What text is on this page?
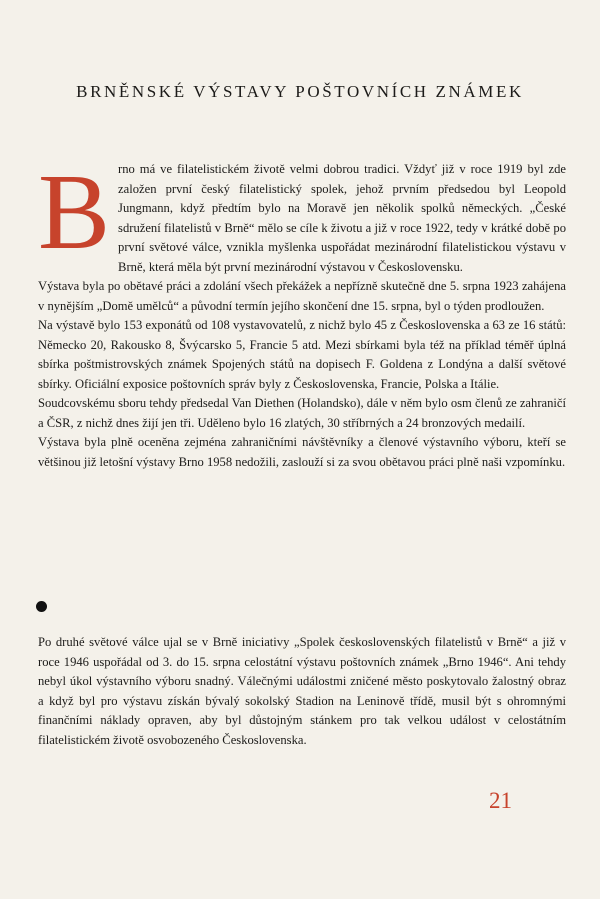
BRNĚNSKÉ VÝSTAVY POŠTOVNÍCH ZNÁMEK
B rno má ve filatelistickém životě velmi dobrou tradici. Vždyť již v roce 1919 byl zde založen první český filatelistický spolek, jehož prvním předsedou byl Leopold Jungmann, když předtím bylo na Moravě jen několik spolků německých. „České sdružení filatelistů v Brně“ mělo se cíle k životu a již v roce 1922, tedy v krátké době po první světové válce, vznikla myšlenka uspořádat mezinárodní filatelistickou výstavu v Brně, která měla být první mezinárodní výstavou v Československu.

Výstava byla po obětavé práci a zdolání všech překážek a nepřízně skutečně dne 5. srpna 1923 zahájena v nynějším „Domě umělců“ a původní termín jejího skončení dne 15. srpna, byl o týden prodloužen.

Na výstavě bylo 153 exponátů od 108 vystavovatelů, z nichž bylo 45 z Československa a 63 ze 16 států: Německo 20, Rakousko 8, Švýcarsko 5, Francie 5 atd. Mezi sbírkami byla též na příklad téměř úplná sbírka poštmistrovských známek Spojených států na dopisech F. Goldena z Londýna a další světové sbírky. Oficiální exposice poštovních správ byly z Československa, Francie, Polska a Itálie.

Soudcovskému sboru tehdy předsedal Van Diethen (Holandsko), dále v něm bylo osm členů ze zahraničí a ČSR, z nichž dnes žijí jen tři. Uděleno bylo 16 zlatých, 30 stříbrných a 24 bronzových medailí.

Výstava byla plně oceněna zejména zahraničními návštěvníky a členové výstavního výboru, kteří se většinou již letošní výstavy Brno 1958 nedožili, zaslouží si za svou obětavou práci plně naši vzpomínku.

Po druhé světové válce ujal se v Brně iniciativy „Spolek československých filatelistů v Brně“ a již v roce 1946 uspořádal od 3. do 15. srpna celostátní výstavu poštovních známek „Brno 1946“. Ani tehdy nebyl úkol výstavního výboru snadný. Válečnými událostmi zničené město poskytovalo žalostný obraz a když byl pro výstavu získán bývalý sokolský Stadion na Leninově třídě, musil být s ohromnými finančními náklady opraven, aby byl důstojným stánkem pro tak velkou událost v celostátním filatelistickém životě osvobozeného Československa.

21
